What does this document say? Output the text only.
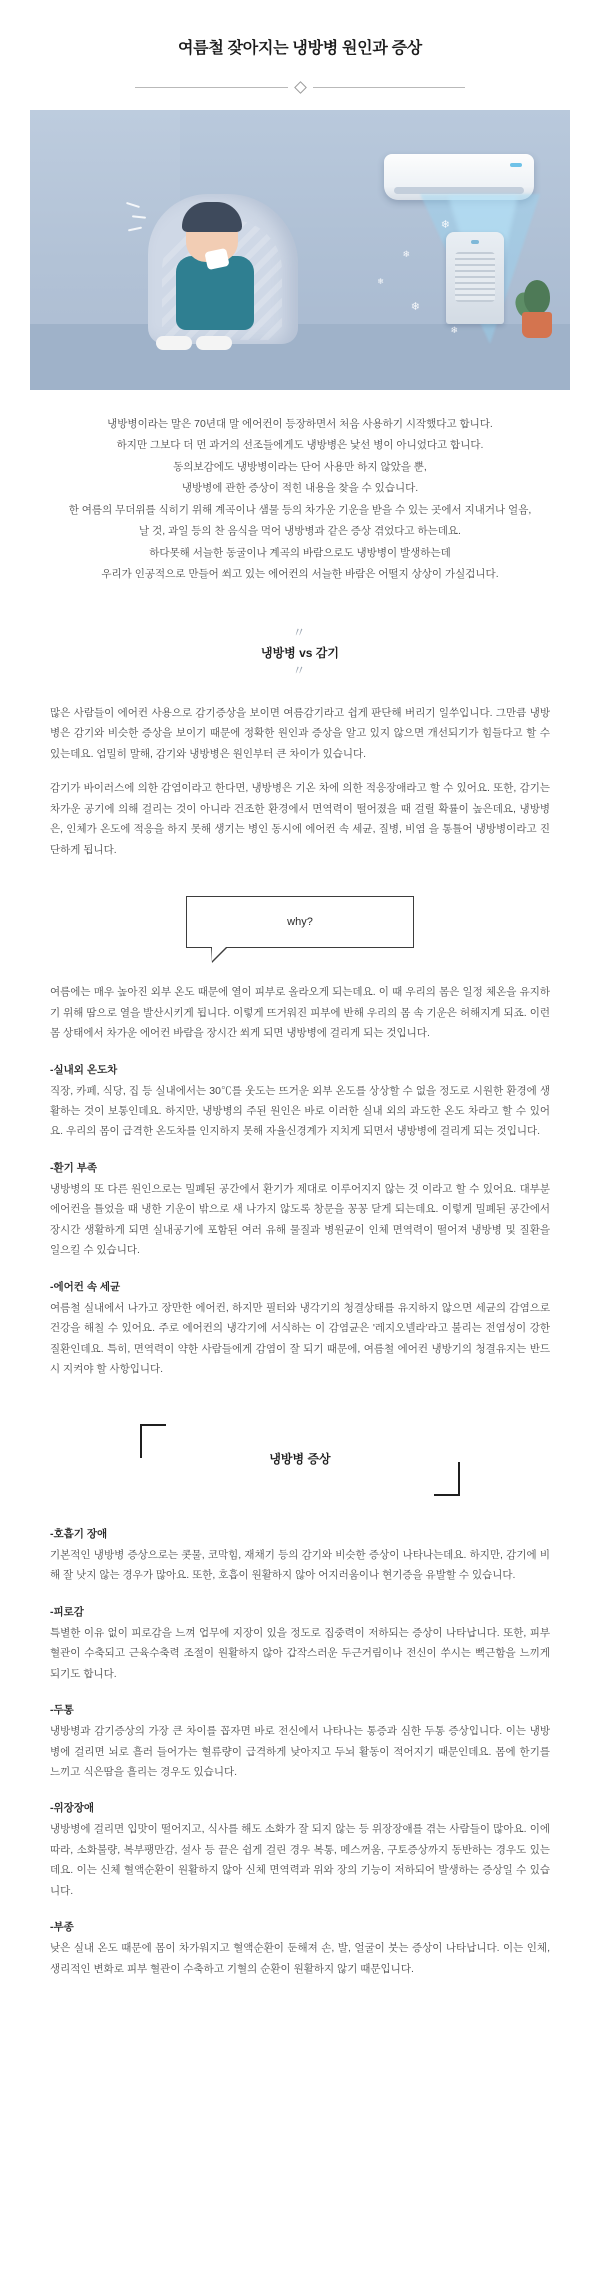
여름철 잦아지는 냉방병 원인과 증상
❄
❄
❄
❄
❄
냉방병이라는 말은 70년대 말 에어컨이 등장하면서 처음 사용하기 시작했다고 합니다.
하지만 그보다 더 먼 과거의 선조들에게도 냉방병은 낯선 병이 아니었다고 합니다.
동의보감에도 냉방병이라는 단어 사용만 하지 않았을 뿐,
냉방병에 관한 증상이 적힌 내용을 찾을 수 있습니다.
한 여름의 무더위를 식히기 위해 계곡이나 샘물 등의 차가운 기운을 받을 수 있는 곳에서 지내거나 얼음,
날 것, 과일 등의 찬 음식을 먹어 냉방병과 같은 증상 겪었다고 하는데요.
하다못해 서늘한 동굴이나 계곡의 바람으로도 냉방병이 발생하는데
우리가 인공적으로 만들어 쐬고 있는 에어컨의 서늘한 바람은 어떨지 상상이 가실겁니다.
〃
냉방병 vs 감기
〃

많은 사람들이 에어컨 사용으로 감기증상을 보이면 여름감기라고 쉽게 판단해 버리기 일쑤입니다. 그만큼 냉방병은 감기와 비슷한 증상을 보이기 때문에 정확한 원인과 증상을 알고 있지 않으면 개선되기가 힘들다고 할 수 있는데요. 엄밀히 말해, 감기와 냉방병은 원인부터 큰 차이가 있습니다.

감기가 바이러스에 의한 감염이라고 한다면, 냉방병은 기온 차에 의한 적응장애라고 할 수 있어요. 또한, 감기는 차가운 공기에 의해 걸리는 것이 아니라 건조한 환경에서 면역력이 떨어졌을 때 걸릴 확률이 높은데요, 냉방병은, 인체가 온도에 적응을 하지 못해 생기는 병인 동시에 에어컨 속 세균, 질병, 비염 을 통틀어 냉방병이라고 진단하게 됩니다.

why?

여름에는 매우 높아진 외부 온도 때문에 열이 피부로 올라오게 되는데요. 이 때 우리의 몸은 일정 체온을 유지하기 위해 땀으로 열을 발산시키게 됩니다. 이렇게 뜨거워진 피부에 반해 우리의 몸 속 기운은 허해지게 되죠. 이런 몸 상태에서 차가운 에어컨 바람을 장시간 쐬게 되면 냉방병에 걸리게 되는 것입니다.

-실내외 온도차

직장, 카페, 식당, 집 등 실내에서는 30℃를 웃도는 뜨거운 외부 온도를 상상할 수 없을 정도로 시원한 환경에 생활하는 것이 보통인데요. 하지만, 냉방병의 주된 원인은 바로 이러한 실내 외의 과도한 온도 차라고 할 수 있어요. 우리의 몸이 급격한 온도차를 인지하지 못해 자율신경계가 지치게 되면서 냉방병에 걸리게 되는 것입니다.

-환기 부족

냉방병의 또 다른 원인으로는 밀폐된 공간에서 환기가 제대로 이루어지지 않는 것 이라고 할 수 있어요. 대부분 에어컨을 틀었을 때 냉한 기운이 밖으로 새 나가지 않도록 창문을 꽁꽁 닫게 되는데요. 이렇게 밀폐된 공간에서 장시간 생활하게 되면 실내공기에 포함된 여러 유해 물질과 병원균이 인체 면역력이 떨어져 냉방병 및 질환을 일으킬 수 있습니다.

-에어컨 속 세균

여름철 실내에서 나가고 장만한 에어컨, 하지만 필터와 냉각기의 청결상태를 유지하지 않으면 세균의 감염으로 건강을 해칠 수 있어요. 주로 에어컨의 냉각기에 서식하는 이 감염균은 '레지오넬라'라고 불리는 전염성이 강한 질환인데요. 특히, 면역력이 약한 사람들에게 감염이 잘 되기 때문에, 여름철 에어컨 냉방기의 청결유지는 반드시 지켜야 할 사항입니다.

냉방병 증상
-호흡기 장애

기본적인 냉방병 증상으로는 콧물, 코막힘, 재채기 등의 감기와 비슷한 증상이 나타나는데요. 하지만, 감기에 비해 잘 낫지 않는 경우가 많아요. 또한, 호흡이 원활하지 않아 어지러움이나 현기증을 유발할 수 있습니다.

-피로감

특별한 이유 없이 피로감을 느껴 업무에 지장이 있을 정도로 집중력이 저하되는 증상이 나타납니다. 또한, 피부 혈관이 수축되고 근육수축력 조절이 원활하지 않아 갑작스러운 두근거림이나 전신이 쑤시는 뻑근함을 느끼게 되기도 합니다.

-두통

냉방병과 감기증상의 가장 큰 차이를 꼽자면 바로 전신에서 나타나는 통증과 심한 두통 증상입니다. 이는 냉방병에 걸리면 뇌로 흘러 들어가는 혈류량이 급격하게 낮아지고 두뇌 활동이 적어지기 때문인데요. 몸에 한기를 느끼고 식은땀을 흘리는 경우도 있습니다.

-위장장애

냉방병에 걸리면 입맛이 떨어지고, 식사를 해도 소화가 잘 되지 않는 등 위장장애를 겪는 사람들이 많아요. 이에 따라, 소화불량, 복부팽만감, 설사 등 끝은 쉽게 걸린 경우 복통, 메스꺼움, 구토증상까지 동반하는 경우도 있는데요. 이는 신체 혈액순환이 원활하지 않아 신체 면역력과 위와 장의 기능이 저하되어 발생하는 증상일 수 있습니다.

-부종

낮은 실내 온도 때문에 몸이 차가워지고 혈액순환이 둔해져 손, 발, 얼굴이 붓는 증상이 나타납니다. 이는 인체, 생리적인 변화로 피부 혈관이 수축하고 기혈의 순환이 원활하지 않기 때문입니다.
